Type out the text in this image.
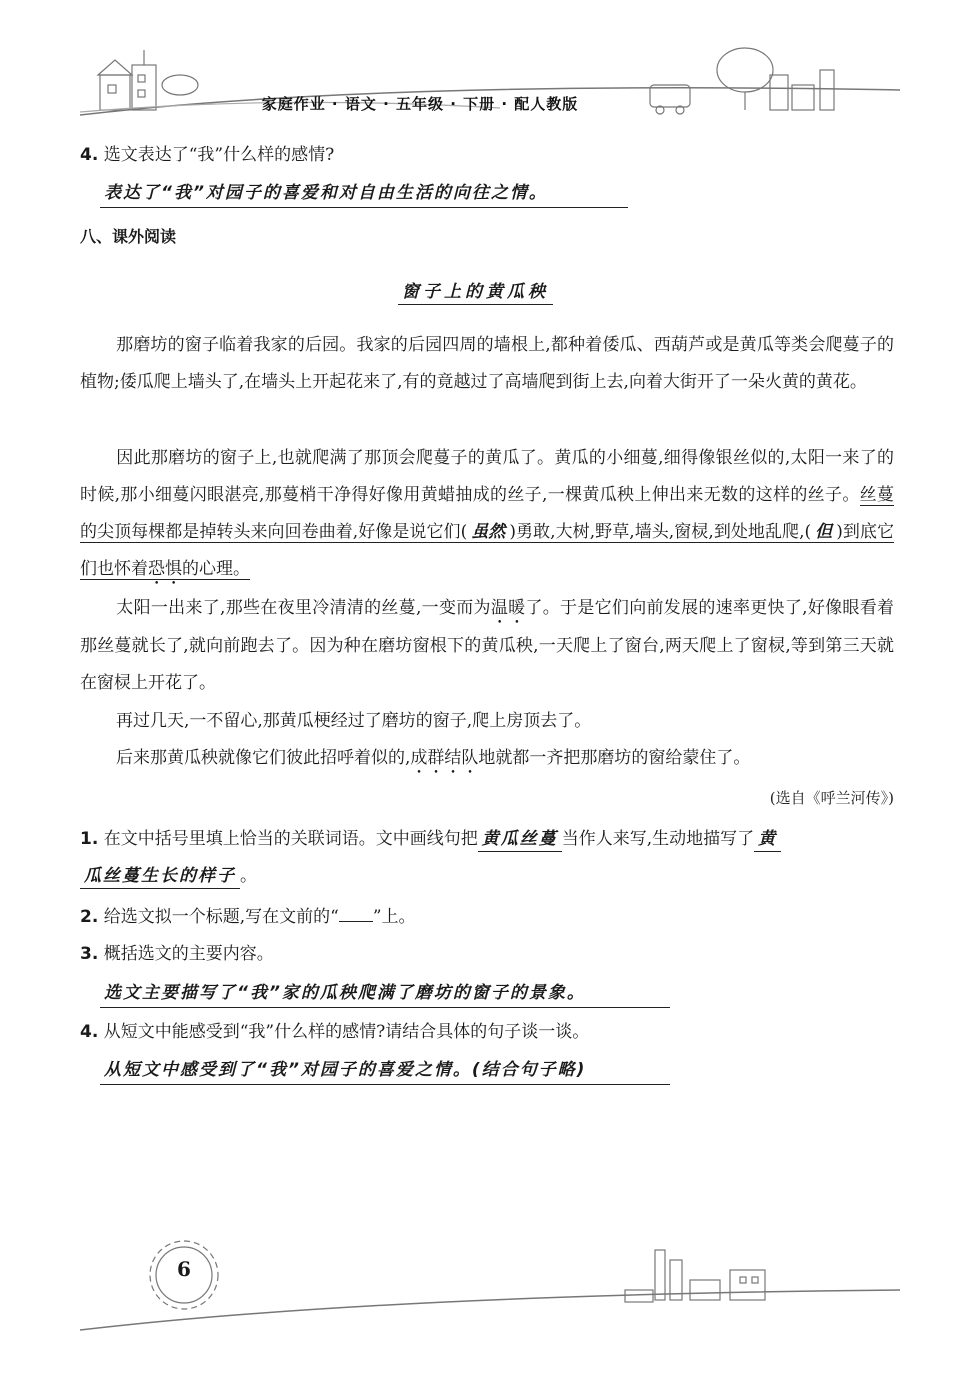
家庭作业 · 语文 · 五年级 · 下册 · 配人教版
4. 选文表达了“我”什么样的感情?
表达了“我”对园子的喜爱和对自由生活的向往之情。
八、课外阅读
窗子上的黄瓜秧
那磨坊的窗子临着我家的后园。我家的后园四周的墙根上,都种着倭瓜、西葫芦或是黄瓜等类会爬蔓子的植物;倭瓜爬上墙头了,在墙头上开起花来了,有的竟越过了高墙爬到街上去,向着大街开了一朵火黄的黄花。
因此那磨坊的窗子上,也就爬满了那顶会爬蔓子的黄瓜了。黄瓜的小细蔓,细得像银丝似的,太阳一来了的时候,那小细蔓闪眼湛亮,那蔓梢干净得好像用黄蜡抽成的丝子,一棵黄瓜秧上伸出来无数的这样的丝子。丝蔓的尖顶每棵都是掉转头来向回卷曲着,好像是说它们( 虽然 )勇敢,大树,野草,墙头,窗棂,到处地乱爬,( 但 )到底它们也怀着恐惧的心理。
太阳一出来了,那些在夜里冷清清的丝蔓,一变而为温暖了。于是它们向前发展的速率更快了,好像眼看着那丝蔓就长了,就向前跑去了。因为种在磨坊窗根下的黄瓜秧,一天爬上了窗台,两天爬上了窗棂,等到第三天就在窗棂上开花了。
再过几天,一不留心,那黄瓜梗经过了磨坊的窗子,爬上房顶去了。
后来那黄瓜秧就像它们彼此招呼着似的,成群结队地就都一齐把那磨坊的窗给蒙住了。
(选自《呼兰河传》)
1. 在文中括号里填上恰当的关联词语。文中画线句把 黄瓜丝蔓 当作人来写,生动地描写了 黄
瓜丝蔓生长的样子 。
2. 给选文拟一个标题,写在文前的“ ”上。
3. 概括选文的主要内容。
选文主要描写了“我”家的瓜秧爬满了磨坊的窗子的景象。
4. 从短文中能感受到“我”什么样的感情?请结合具体的句子谈一谈。
从短文中感受到了“我”对园子的喜爱之情。(结合句子略)
6
